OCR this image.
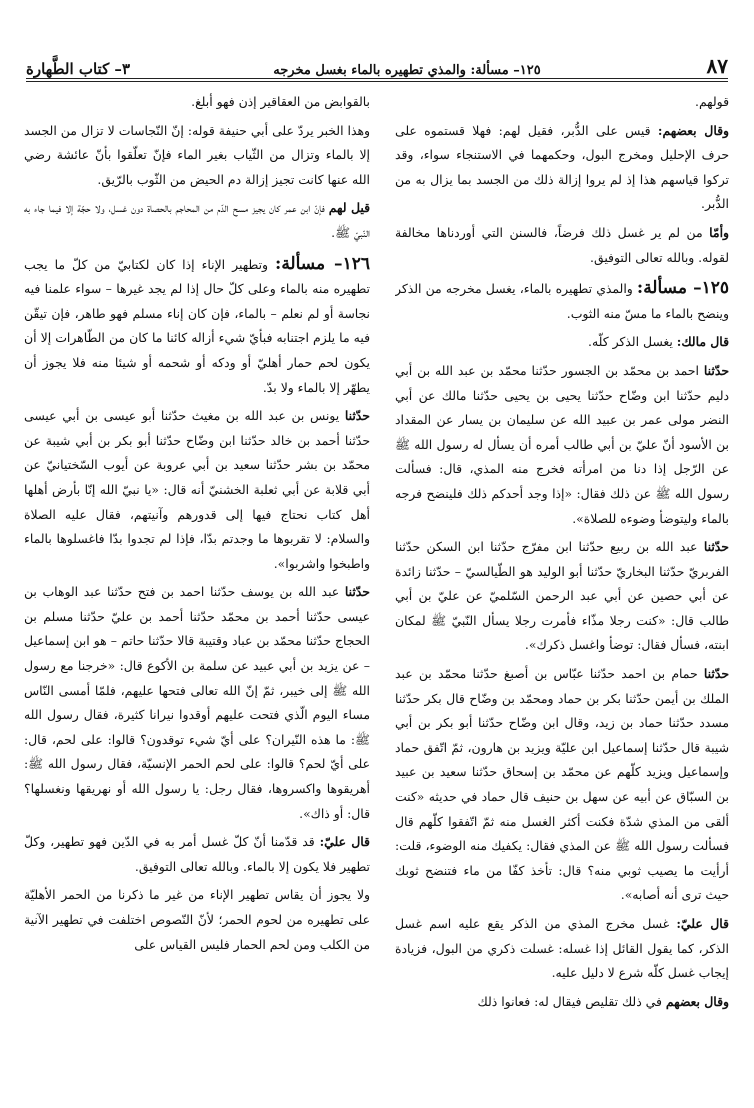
٨٧
١٢٥– مسألة: والمذي تطهيره بالماء بغسل مخرجه
٣– كتاب الطَّهارة

قولهم.

وقال بعضهم: قيس على الدُّبر، فقيل لهم: فهلا قستموه على حرف الإحليل ومخرج البول، وحكمهما في الاستنجاء سواء، وقد تركوا قياسهم هذا إذ لم يروا إزالة ذلك من الجسد بما يزال به من الدُّبر.

وأمّا من لم ير غسل ذلك فرضاً، فالسنن التي أوردناها مخالفة لقوله. وبالله تعالى التوفيق.

١٢٥– مسألة: والمذي تطهيره بالماء، يغسل مخرجه من الذكر وينضح بالماء ما مسّ منه الثوب.

قال مالك: يغسل الذكر كلّه.

حدّثنا احمد بن محمّد بن الجسور حدّثنا محمّد بن عبد الله بن أبي دليم حدّثنا ابن وضّاح حدّثنا يحيى بن يحيى حدّثنا مالك عن أبي النضر مولى عمر بن عبيد الله عن سليمان بن يسار عن المقداد بن الأسود أنّ عليّ بن أبي طالب أمره أن يسأل له رسول الله ﷺ عن الرّجل إذا دنا من امرأته فخرج منه المذي، قال: فسألت رسول الله ﷺ عن ذلك فقال: «إذا وجد أحدكم ذلك فلينضح فرجه بالماء وليتوضأ وضوءه للصلاة».

حدّثنا عبد الله بن ربيع حدّثنا ابن مفرّج حدّثنا ابن السكن حدّثنا الفربريّ حدّثنا البخاريّ حدّثنا أبو الوليد هو الطّيالسيّ – حدّثنا زائدة عن أبي حصين عن أبي عبد الرحمن السّلميّ عن عليّ بن أبي طالب قال: «كنت رجلا مذّاء فأمرت رجلا يسأل النّبيّ ﷺ لمكان ابنته، فسأل فقال: توضأ واغسل ذكرك».

حدّثنا حمام بن احمد حدّثنا عبّاس بن أصبغ حدّثنا محمّد بن عبد الملك بن أيمن حدّثنا بكر بن حماد ومحمّد بن وضّاح قال بكر حدّثنا مسدد حدّثنا حماد بن زيد، وقال ابن وضّاح حدّثنا أبو بكر بن أبي شيبة قال حدّثنا إسماعيل ابن عليّة ويزيد بن هارون، ثمّ اتّفق حماد وإسماعيل ويزيد كلّهم عن محمّد بن إسحاق حدّثنا سعيد بن عبيد بن السبّاق عن أبيه عن سهل بن حنيف قال حماد في حديثه «كنت ألقى من المذي شدّة فكنت أكثر الغسل منه ثمّ اتّفقوا كلّهم قال فسألت رسول الله ﷺ عن المذي فقال: يكفيك منه الوضوء، قلت: أرأيت ما يصيب ثوبي منه؟ قال: تأخذ كفّا من ماء فتنضح ثوبك حيث ترى أنه أصابه».

قال عليّ: غسل مخرج المذي من الذكر يقع عليه اسم غسل الذكر، كما يقول القائل إذا غسله: غسلت ذكري من البول، فزيادة إيجاب غسل كلّه شرع لا دليل عليه.

وقال بعضهم في ذلك تقليص فيقال له: فعانوا ذلك

بالقوابض من العقاقير إذن فهو أبلغ.

وهذا الخبر يردّ على أبي حنيفة قوله: إنّ النّجاسات لا تزال من الجسد إلا بالماء وتزال من الثّياب بغير الماء فإنّ تعلّقوا بأنّ عائشة رضي الله عنها كانت تجيز إزالة دم الحيض من الثّوب بالرّيق.

قيل لهم فإنّ ابن عمر كان يجيز مسح الدّم من المحاجم بالحصاة دون غسل، ولا حجّة إلا فيما جاء به النّبيّ ﷺ.

١٢٦– مسألة: وتطهير الإناء إذا كان لكتابيّ من كلّ ما يجب تطهيره منه بالماء وعلى كلّ حال إذا لم يجد غيرها – سواء علمنا فيه نجاسة أو لم نعلم – بالماء، فإن كان إناء مسلم فهو طاهر، فإن تيقّن فيه ما يلزم اجتنابه فبأيّ شيء أزاله كائنا ما كان من الطّاهرات إلا أن يكون لحم حمار أهليّ أو ودكه أو شحمه أو شيئا منه فلا يجوز أن يطهّر إلا بالماء ولا بدّ.

حدّثنا يونس بن عبد الله بن مغيث حدّثنا أبو عيسى بن أبي عيسى حدّثنا أحمد بن خالد حدّثنا ابن وضّاح حدّثنا أبو بكر بن أبي شيبة عن محمّد بن بشر حدّثنا سعيد بن أبي عروبة عن أيوب السّختيانيّ عن أبي قلابة عن أبي ثعلبة الخشنيّ أنه قال: «يا نبيّ الله إنّا بأرض أهلها أهل كتاب نحتاج فيها إلى قدورهم وآنيتهم، فقال عليه الصلاة والسلام: لا تقربوها ما وجدتم بدّا، فإذا لم تجدوا بدّا فاغسلوها بالماء واطبخوا واشربوا».

حدّثنا عبد الله بن يوسف حدّثنا احمد بن فتح حدّثنا عبد الوهاب بن عيسى حدّثنا أحمد بن محمّد حدّثنا أحمد بن عليّ حدّثنا مسلم بن الحجاج حدّثنا محمّد بن عباد وقتيبة قالا حدّثنا حاتم – هو ابن إسماعيل – عن يزيد بن أبي عبيد عن سلمة بن الأكوع قال: «خرجنا مع رسول الله ﷺ إلى خيبر، ثمّ إنّ الله تعالى فتحها عليهم، فلمّا أمسى النّاس مساء اليوم الّذي فتحت عليهم أوقدوا نيرانا كثيرة، فقال رسول الله ﷺ: ما هذه النّيران؟ على أيّ شيء توقدون؟ قالوا: على لحم، قال: على أيّ لحم؟ قالوا: على لحم الحمر الإنسيّة، فقال رسول الله ﷺ: أهريقوها واكسروها، فقال رجل: يا رسول الله أو نهريقها ونغسلها؟ قال: أو ذاك».

قال عليّ: قد قدّمنا أنّ كلّ غسل أمر به في الدّين فهو تطهير، وكلّ تطهير فلا يكون إلا بالماء. وبالله تعالى التوفيق.

ولا يجوز أن يقاس تطهير الإناء من غير ما ذكرنا من الحمر الأهليّة على تطهيره من لحوم الحمر؛ لأنّ النّصوص اختلفت في تطهير الآنية من الكلب ومن لحم الحمار فليس القياس على
